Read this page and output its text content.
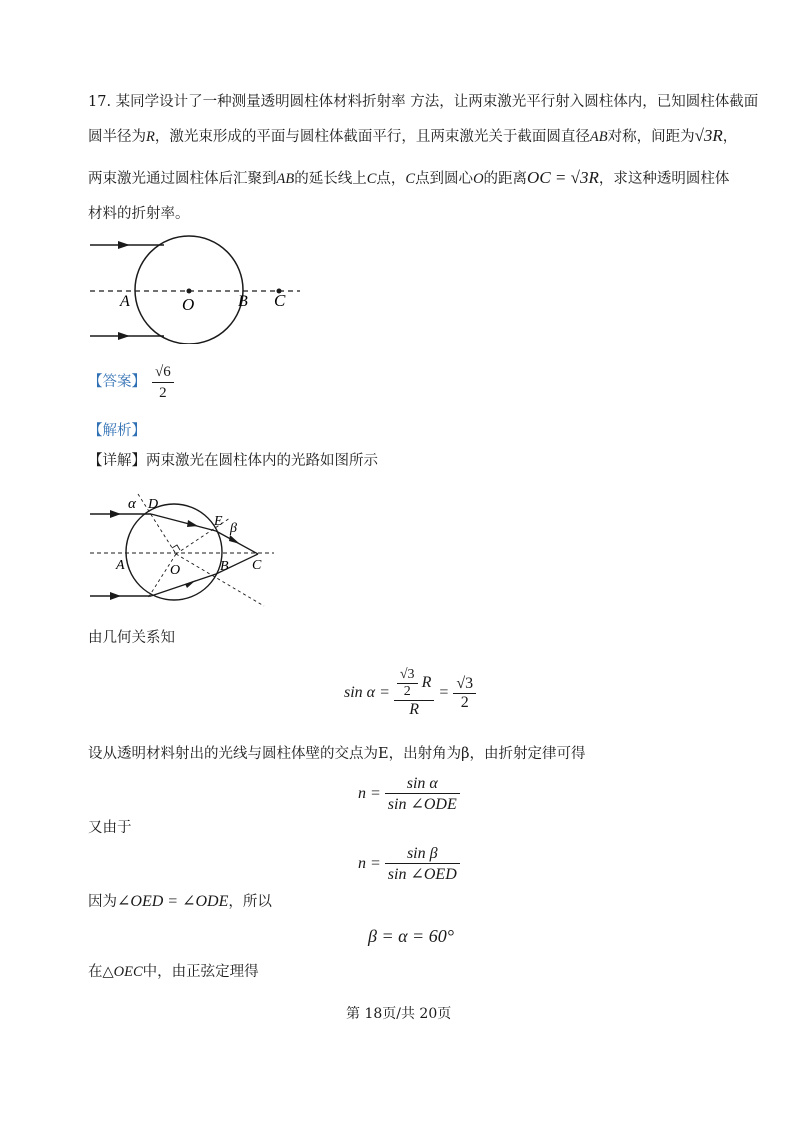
17. 某同学设计了一种测量透明圆柱体材料折射率 方法，让两束激光平行射入圆柱体内，已知圆柱体截面
圆半径为R，激光束形成的平面与圆柱体截面平行，且两束激光关于截面圆直径AB对称，间距为√3R，
两束激光通过圆柱体后汇聚到AB的延长线上C点，C点到圆心O的距离OC = √3R，求这种透明圆柱体
材料的折射率。
A	O	B C
【答案】 $\frac{√6}{2}$
【解析】
【详解】两束激光在圆柱体内的光路如图所示
α D
E β
A	O	B C
由几何关系知
$\sin \alpha = \frac{\frac{√3}{2} R}{R} = \frac{√3}{2}$
设从透明材料射出的光线与圆柱体壁的交点为E，出射角为β，由折射定律可得
$n = \frac{\text{sin α}}{\text{sin ∠ODE}}$
又由于
$n = \frac{\text{sin β}}{\text{sin ∠OED}}$
因为∠OED = ∠ODE，所以
β = α = 60°
在△OEC中，由正弦定理得
第 18页/共 20页
